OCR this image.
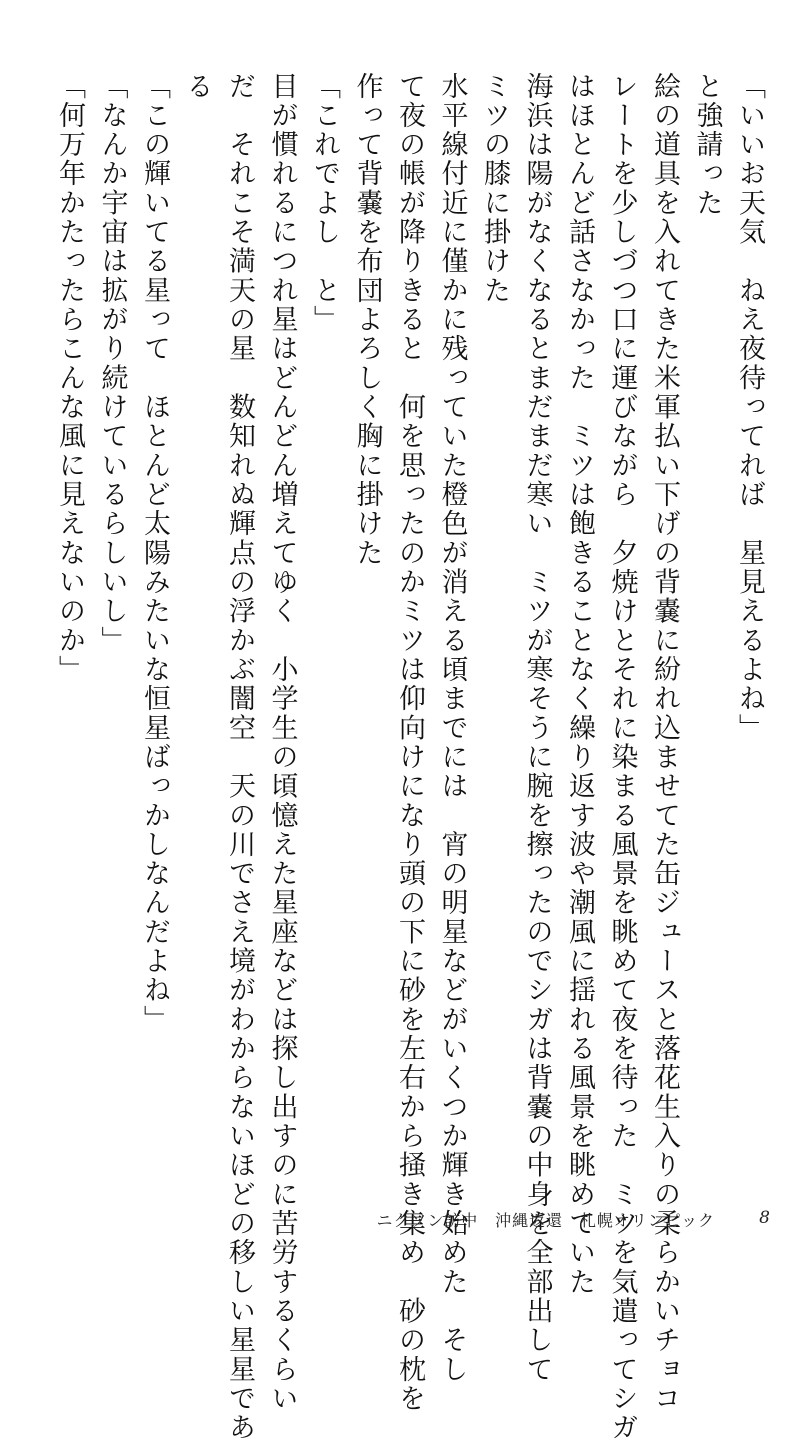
「いいお天気　ねえ夜待ってれば　星見えるよね」
と強請った
絵の道具を入れてきた米軍払い下げの背嚢に紛れ込ませてた缶ジュースと落花生入りの柔らかいチョコ
レートを少しづつ口に運びながら　夕焼けとそれに染まる風景を眺めて夜を待った　ミツを気遣ってシガ
はほとんど話さなかった　ミツは飽きることなく繰り返す波や潮風に揺れる風景を眺めていた
海浜は陽がなくなるとまだまだ寒い　ミツが寒そうに腕を擦ったのでシガは背嚢の中身を全部出して
ミツの膝に掛けた
水平線付近に僅かに残っていた橙色が消える頃までには　宵の明星などがいくつか輝き始めた　そし
て夜の帳が降りきると　何を思ったのかミツは仰向けになり頭の下に砂を左右から掻き集め　砂の枕を
作って背嚢を布団よろしく胸に掛けた
「これでよし　と」
目が慣れるにつれ星はどんどん増えてゆく　小学生の頃憶えた星座などは探し出すのに苦労するくらい
だ　それこそ満天の星　数知れぬ輝点の浮かぶ闇空　天の川でさえ境がわからないほどの移しい星星であ
る
「この輝いてる星って　ほとんど太陽みたいな恒星ばっかしなんだよね」
「なんか宇宙は拡がり続けているらしいし」
「何万年かたったらこんな風に見えないのか」
ニクソン訪中　沖縄返還　札幌オリンピック	8
